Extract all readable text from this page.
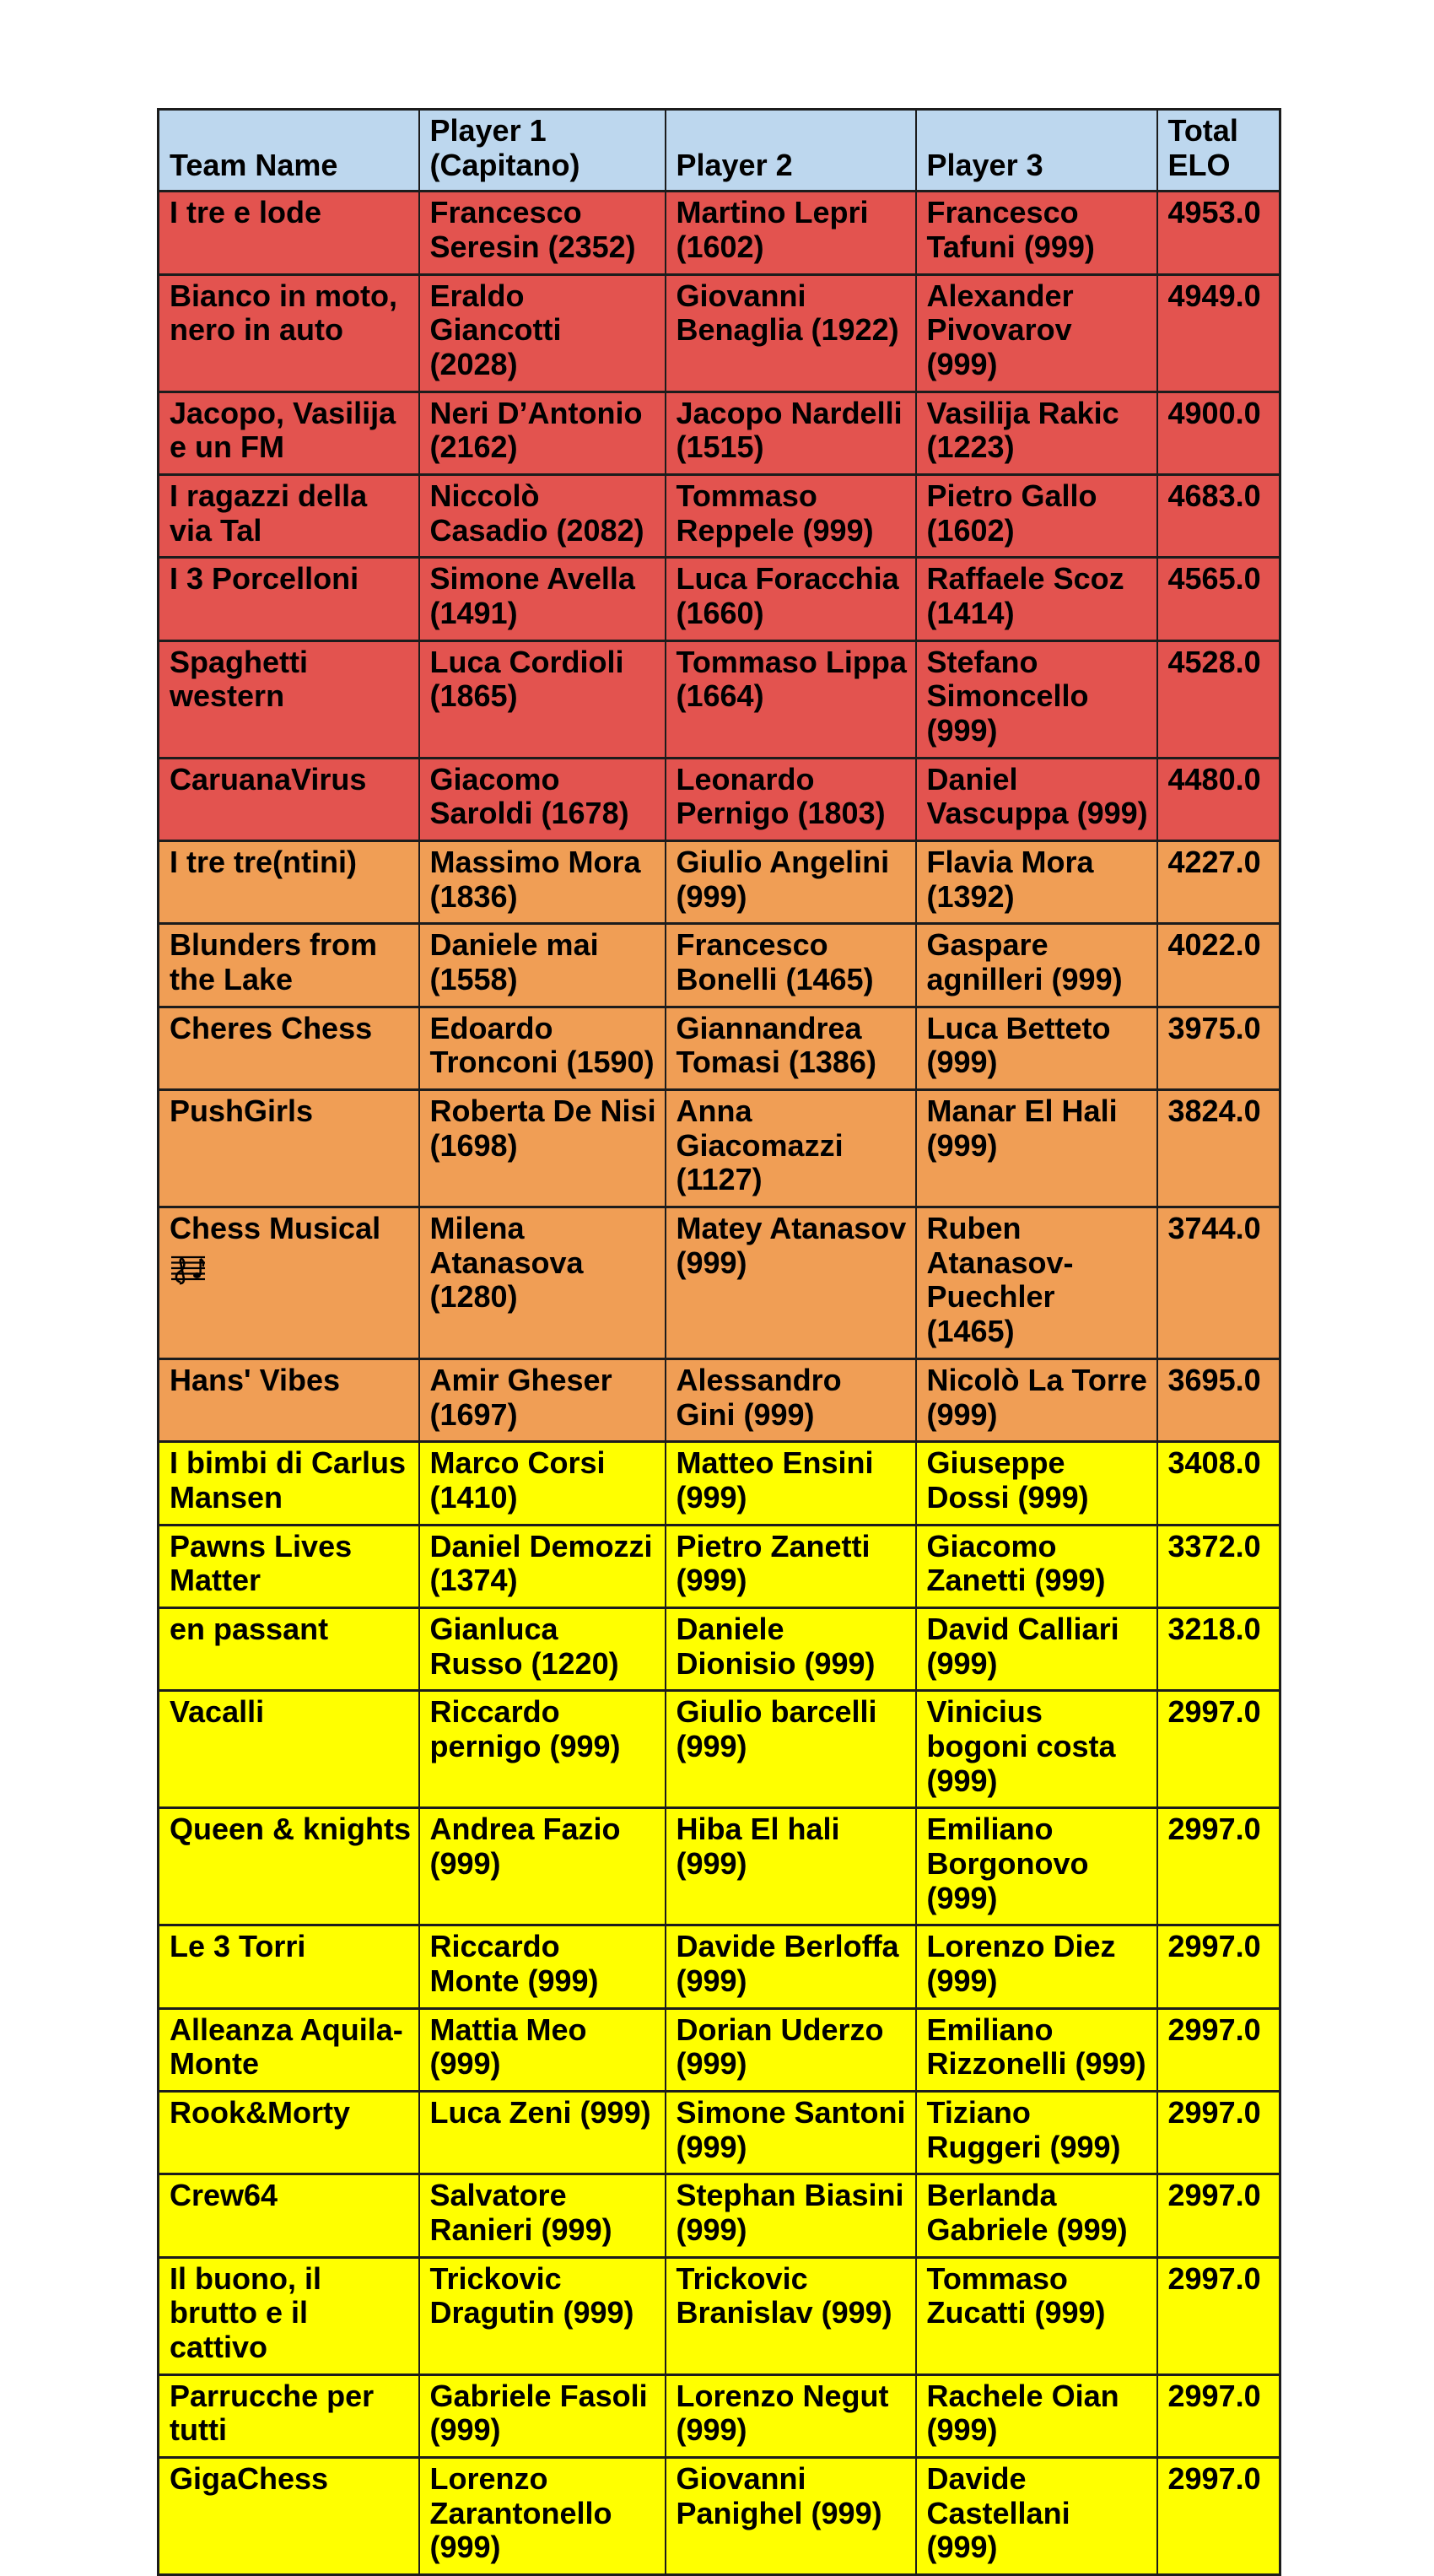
Team Name	Player 1 (Capitano)	Player 2	Player 3	Total ELO
I tre e lode	Francesco Seresin (2352)	Martino Lepri (1602)	Francesco Tafuni (999)	4953.0
Bianco in moto, nero in auto	Eraldo Giancotti (2028)	Giovanni Benaglia (1922)	Alexander Pivovarov (999)	4949.0
Jacopo, Vasilija e un FM	Neri D’Antonio (2162)	Jacopo Nardelli (1515)	Vasilija Rakic (1223)	4900.0
I ragazzi della via Tal	Niccolò Casadio (2082)	Tommaso Reppele (999)	Pietro Gallo (1602)	4683.0
I 3 Porcelloni	Simone Avella (1491)	Luca Foracchia (1660)	Raffaele Scoz (1414)	4565.0
Spaghetti western	Luca Cordioli (1865)	Tommaso Lippa (1664)	Stefano Simoncello (999)	4528.0
CaruanaVirus	Giacomo Saroldi (1678)	Leonardo Pernigo (1803)	Daniel Vascuppa (999)	4480.0
I tre tre(ntini)	Massimo Mora (1836)	Giulio Angelini (999)	Flavia Mora (1392)	4227.0
Blunders from the Lake	Daniele mai (1558)	Francesco Bonelli (1465)	Gaspare agnilleri (999)	4022.0
Cheres Chess	Edoardo Tronconi (1590)	Giannandrea Tomasi (1386)	Luca Betteto (999)	3975.0
PushGirls	Roberta De Nisi (1698)	Anna Giacomazzi (1127)	Manar El Hali (999)	3824.0
Chess Musical	Milena Atanasova (1280)	Matey Atanasov (999)	Ruben Atanasov-Puechler (1465)	3744.0
Hans' Vibes	Amir Gheser (1697)	Alessandro Gini (999)	Nicolò La Torre (999)	3695.0
I bimbi di Carlus Mansen	Marco Corsi (1410)	Matteo Ensini (999)	Giuseppe Dossi (999)	3408.0
Pawns Lives Matter	Daniel Demozzi (1374)	Pietro Zanetti (999)	Giacomo Zanetti (999)	3372.0
en passant	Gianluca Russo (1220)	Daniele Dionisio (999)	David Calliari (999)	3218.0
Vacalli	Riccardo pernigo (999)	Giulio barcelli (999)	Vinicius bogoni costa (999)	2997.0
Queen & knights	Andrea Fazio (999)	Hiba El hali (999)	Emiliano Borgonovo (999)	2997.0
Le 3 Torri	Riccardo Monte (999)	Davide Berloffa (999)	Lorenzo Diez (999)	2997.0
Alleanza Aquila-Monte	Mattia Meo (999)	Dorian Uderzo (999)	Emiliano Rizzonelli (999)	2997.0
Rook&Morty	Luca Zeni (999)	Simone Santoni (999)	Tiziano Ruggeri (999)	2997.0
Crew64	Salvatore Ranieri (999)	Stephan Biasini (999)	Berlanda Gabriele (999)	2997.0
Il buono, il brutto e il cattivo	Trickovic Dragutin (999)	Trickovic Branislav (999)	Tommaso Zucatti (999)	2997.0
Parrucche per tutti	Gabriele Fasoli (999)	Lorenzo Negut (999)	Rachele Oian (999)	2997.0
GigaChess	Lorenzo Zarantonello (999)	Giovanni Panighel (999)	Davide Castellani (999)	2997.0
